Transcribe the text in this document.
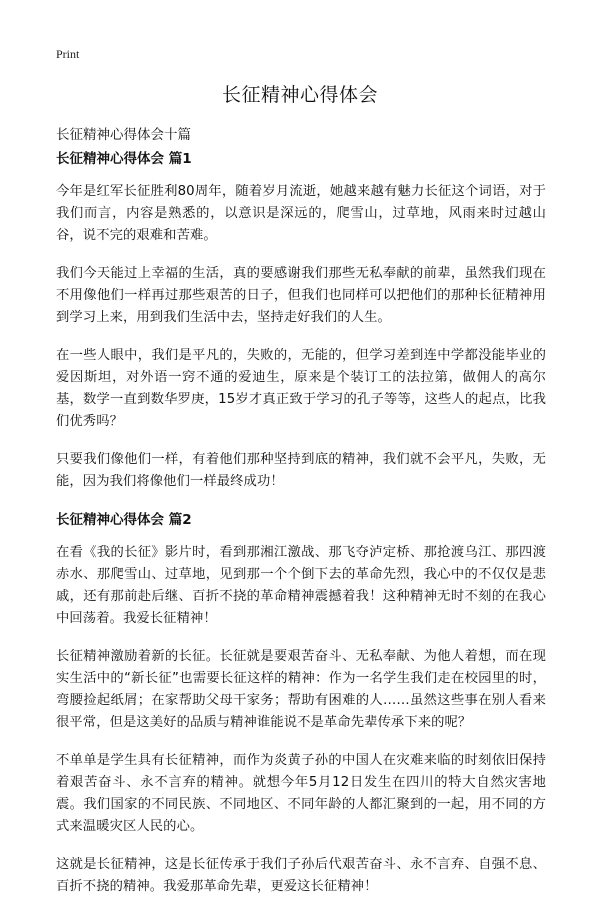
Print
长征精神心得体会
长征精神心得体会十篇
长征精神心得体会 篇1

今年是红军长征胜利80周年，随着岁月流逝，她越来越有魅力长征这个词语，对于我们而言，内容是熟悉的，以意识是深远的，爬雪山，过草地，风雨来时过越山谷，说不完的艰难和苦难。

我们今天能过上幸福的生活，真的要感谢我们那些无私奉献的前辈，虽然我们现在不用像他们一样再过那些艰苦的日子，但我们也同样可以把他们的那种长征精神用到学习上来，用到我们生活中去，坚持走好我们的人生。

在一些人眼中，我们是平凡的，失败的，无能的，但学习差到连中学都没能毕业的爱因斯坦，对外语一窍不通的爱迪生，原来是个装订工的法拉第，做佣人的高尔基，数学一直到数华罗庚，15岁才真正致于学习的孔子等等，这些人的起点，比我们优秀吗？

只要我们像他们一样，有着他们那种坚持到底的精神，我们就不会平凡，失败，无能，因为我们将像他们一样最终成功！

长征精神心得体会 篇2

在看《我的长征》影片时，看到那湘江激战、那飞夺泸定桥、那抢渡乌江、那四渡赤水、那爬雪山、过草地，见到那一个个倒下去的革命先烈，我心中的不仅仅是悲戚，还有那前赴后继、百折不挠的革命精神震撼着我！这种精神无时不刻的在我心中回荡着。我爱长征精神！

长征精神激励着新的长征。长征就是要艰苦奋斗、无私奉献、为他人着想，而在现实生活中的“新长征”也需要长征这样的精神：作为一名学生我们走在校园里的时，弯腰捡起纸屑；在家帮助父母干家务；帮助有困难的人……虽然这些事在别人看来很平常，但是这美好的品质与精神谁能说不是革命先辈传承下来的呢？

不单单是学生具有长征精神，而作为炎黄子孙的中国人在灾难来临的时刻依旧保持着艰苦奋斗、永不言弃的精神。就想今年5月12日发生在四川的特大自然灾害地震。我们国家的不同民族、不同地区、不同年龄的人都汇聚到的一起，用不同的方式来温暖灾区人民的心。

这就是长征精神，这是长征传承于我们子孙后代艰苦奋斗、永不言弃、自强不息、百折不挠的精神。我爱那革命先辈，更爱这长征精神！
